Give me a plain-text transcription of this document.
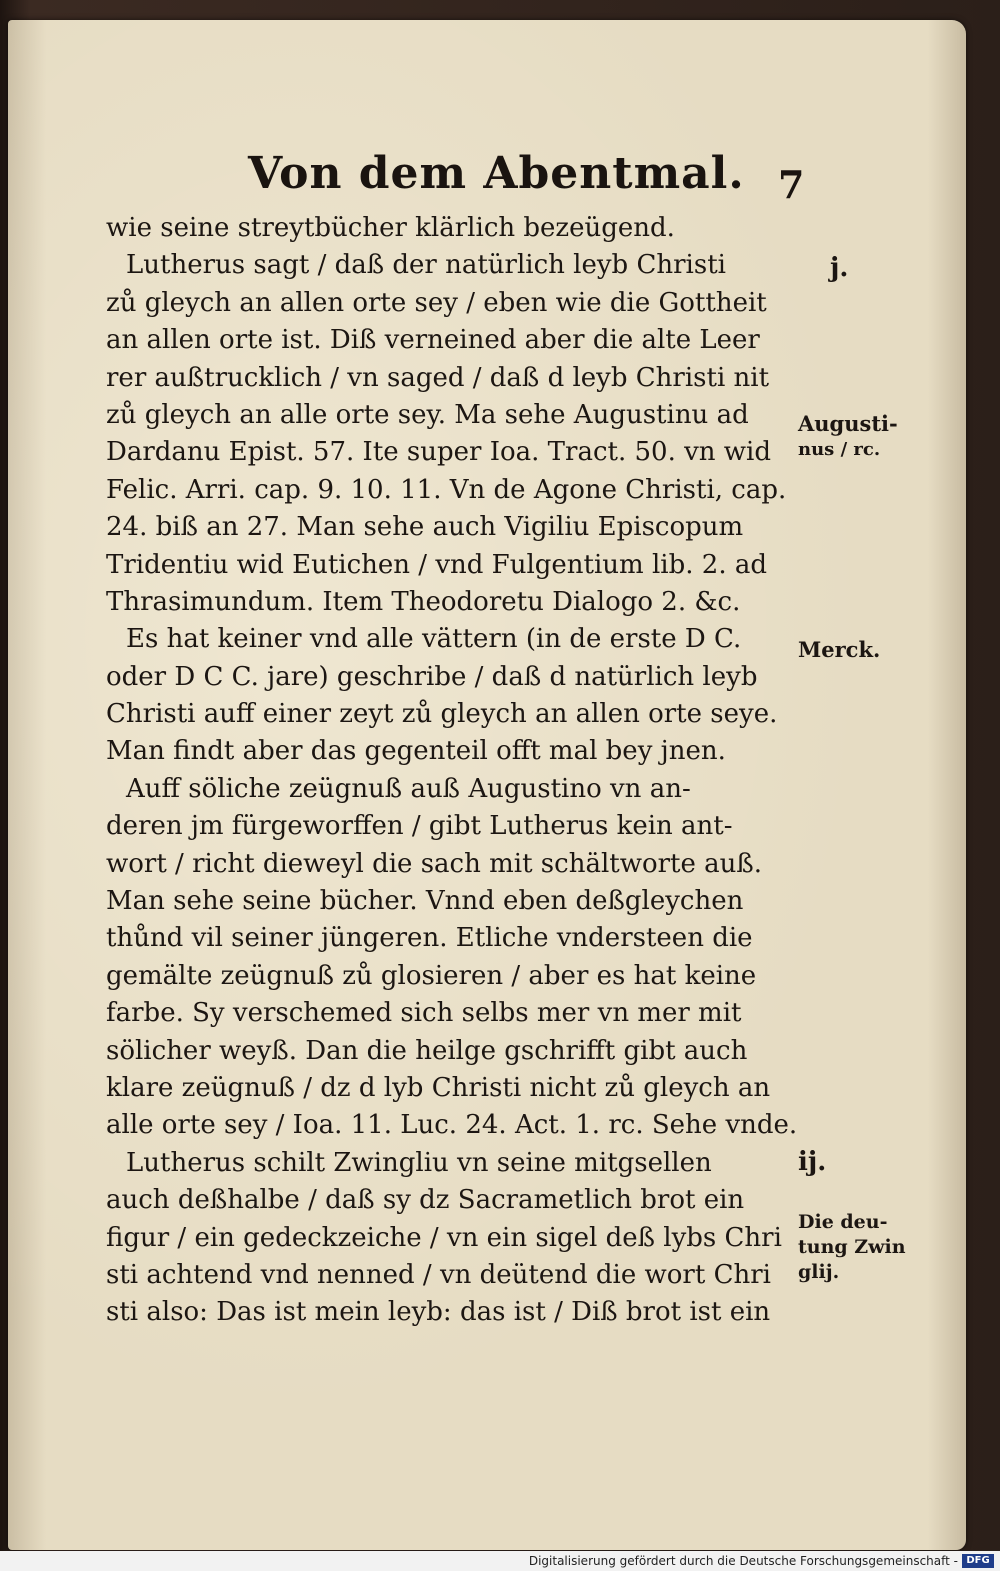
Von dem Abentmal. 7
wie seine streytbücher klärlich bezeügend.
Lutherus sagt / daß der natürlich leyb Christi
zů gleych an allen orte sey / eben wie die Gottheit
an allen orte ist. Diß verneined aber die alte Leer
rer außtrucklich / vn saged / daß d leyb Christi nit
zů gleych an alle orte sey. Ma sehe Augustinu ad
Dardanu Epist. 57. Ite super Ioa. Tract. 50. vn wid
Felic. Arri. cap. 9. 10. 11. Vn de Agone Christi, cap.
24. biß an 27. Man sehe auch Vigiliu Episcopum
Tridentiu wid Eutichen / vnd Fulgentium lib. 2. ad
Thrasimundum. Item Theodoretu Dialogo 2. &c.
Es hat keiner vnd alle vättern (in de erste D C.
oder D C C. jare) geschribe / daß d natürlich leyb
Christi auff einer zeyt zů gleych an allen orte seye.
Man findt aber das gegenteil offt mal bey jnen.
Auff söliche zeügnuß auß Augustino vn an-
deren jm fürgeworffen / gibt Lutherus kein ant-
wort / richt dieweyl die sach mit schältworte auß.
Man sehe seine bücher. Vnnd eben deßgleychen
thůnd vil seiner jüngeren. Etliche vndersteen die
gemälte zeügnuß zů glosieren / aber es hat keine
farbe. Sy verschemed sich selbs mer vn mer mit
sölicher weyß. Dan die heilge gschrifft gibt auch
klare zeügnuß / dz d lyb Christi nicht zů gleych an
alle orte sey / Ioa. 11. Luc. 24. Act. 1. rc. Sehe vnde.
Lutherus schilt Zwingliu vn seine mitgsellen
auch deßhalbe / daß sy dz Sacrametlich brot ein
figur / ein gedeckzeiche / vn ein sigel deß lybs Chri
sti achtend vnd nenned / vn deütend die wort Chri
sti also: Das ist mein leyb: das ist / Diß brot ist ein
j.
Augusti-
nus / rc.
Merck.
ij.
Die deu-
tung Zwin
glij.
Digitalisierung gefördert durch die Deutsche Forschungsgemeinschaft - DFG
